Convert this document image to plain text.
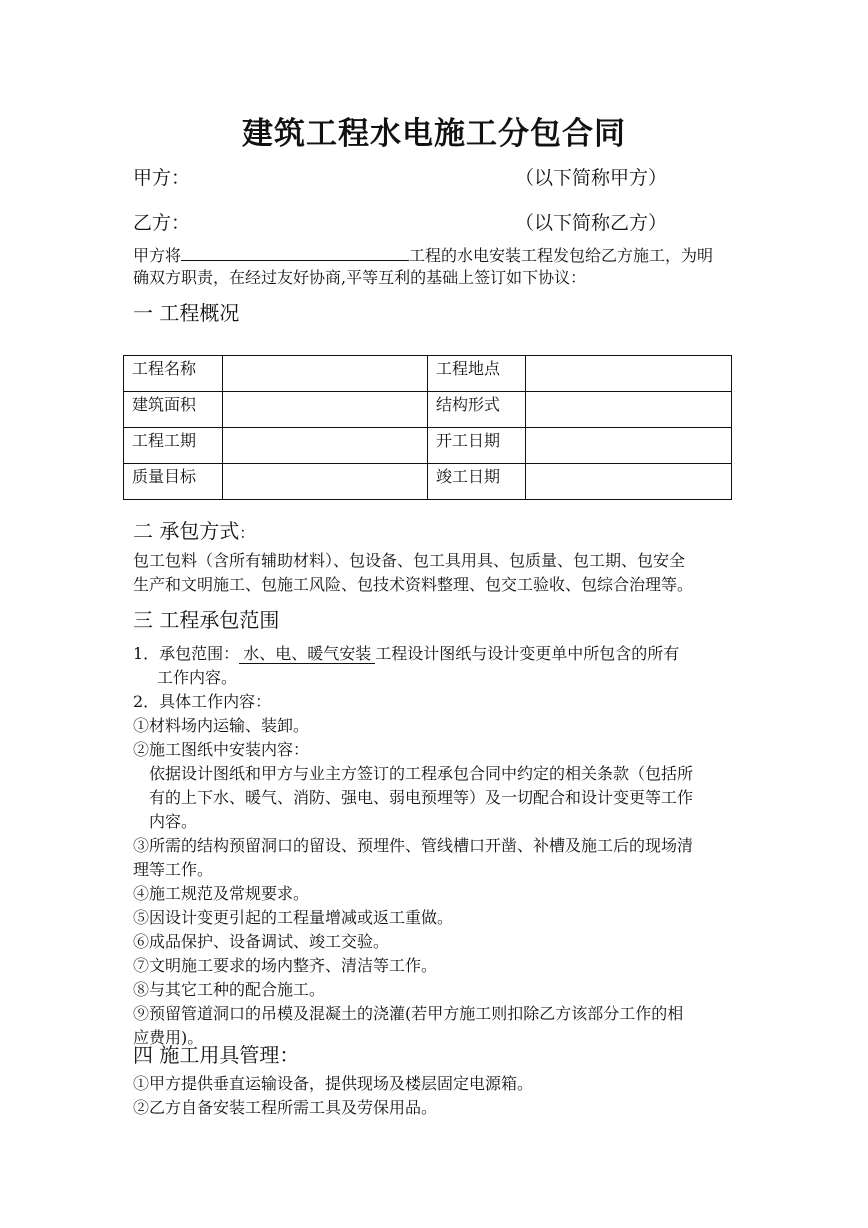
建筑工程水电施工分包合同
甲方：	（以下简称甲方）
乙方：	（以下简称乙方）
甲方将	工程的水电安装工程发包给乙方施工，为明
确双方职责，在经过友好协商,平等互利的基础上签订如下协议：
一 工程概况
工程名称		工程地点	
建筑面积		结构形式	
工程工期		开工日期	
质量目标		竣工日期	
二 承包方式：
包工包料（含所有辅助材料）、包设备、包工具用具、包质量、包工期、包安全
生产和文明施工、包施工风险、包技术资料整理、包交工验收、包综合治理等。
三 工程承包范围
1．承包范围： 水、电、暖气安装 工程设计图纸与设计变更单中所包含的所有
工作内容。
2．具体工作内容：
①材料场内运输、装卸。
②施工图纸中安装内容：
依据设计图纸和甲方与业主方签订的工程承包合同中约定的相关条款（包括所
有的上下水、暖气、消防、强电、弱电预埋等）及一切配合和设计变更等工作
内容。
③所需的结构预留洞口的留设、预埋件、管线槽口开凿、补槽及施工后的现场清
理等工作。
④施工规范及常规要求。
⑤因设计变更引起的工程量增减或返工重做。
⑥成品保护、设备调试、竣工交验。
⑦文明施工要求的场内整齐、清洁等工作。
⑧与其它工种的配合施工。
⑨预留管道洞口的吊模及混凝土的浇灌(若甲方施工则扣除乙方该部分工作的相
应费用)。
四 施工用具管理：
①甲方提供垂直运输设备，提供现场及楼层固定电源箱。
②乙方自备安装工程所需工具及劳保用品。
